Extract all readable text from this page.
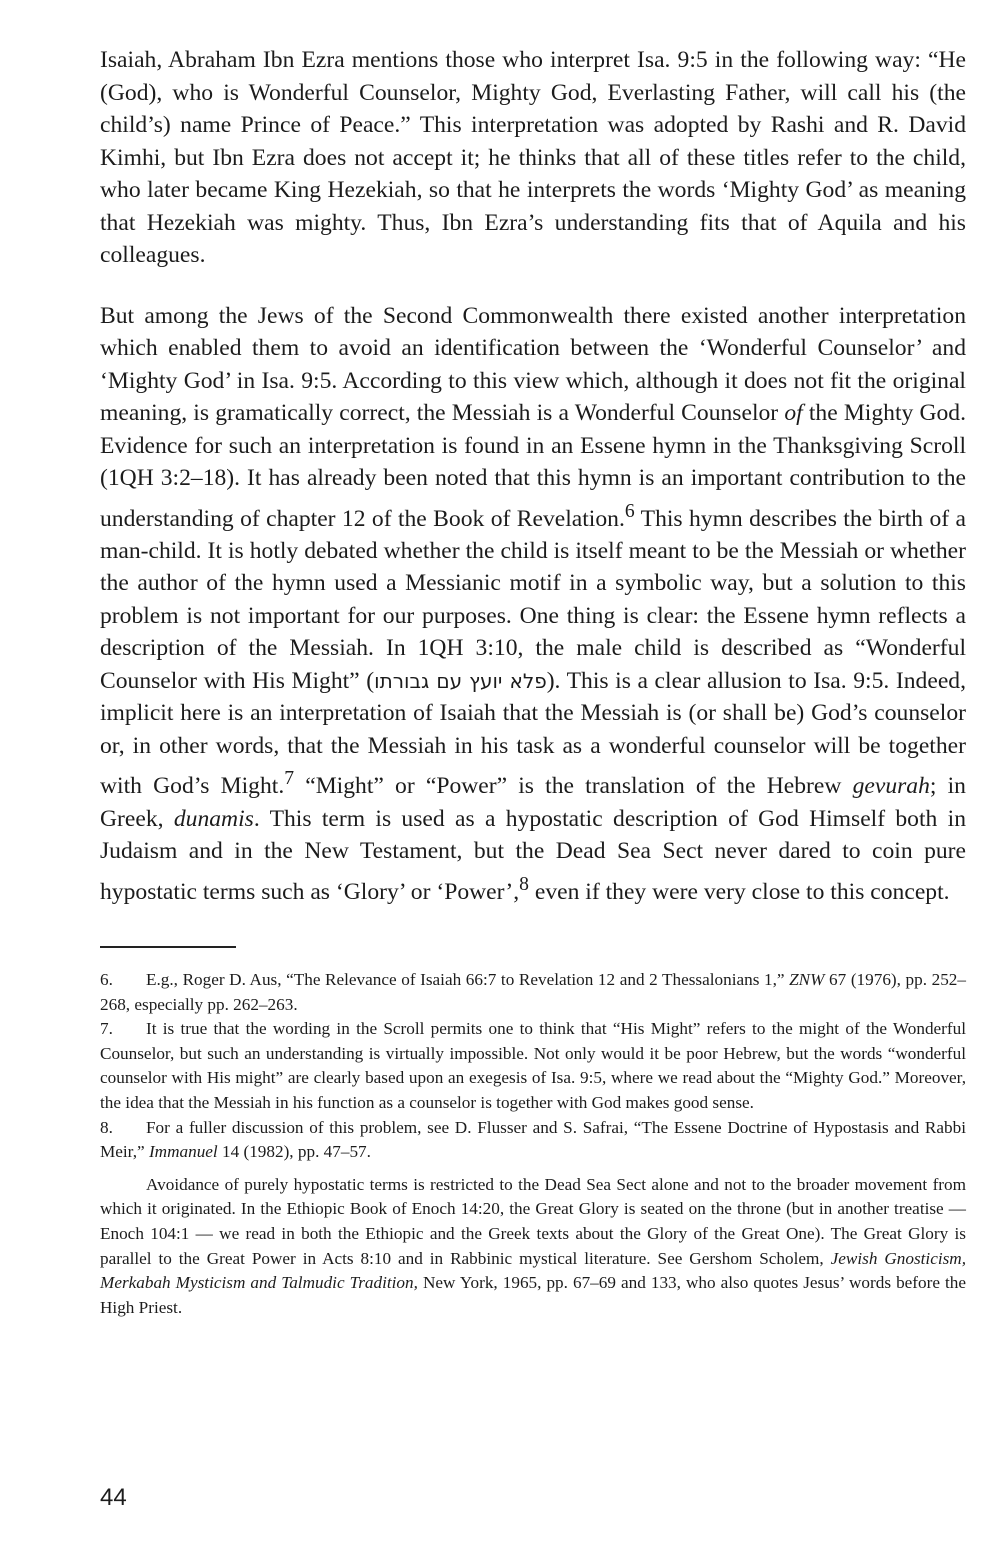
Isaiah, Abraham Ibn Ezra mentions those who interpret Isa. 9:5 in the following way: “He (God), who is Wonderful Counselor, Mighty God, Everlasting Father, will call his (the child’s) name Prince of Peace.” This interpretation was adopted by Rashi and R. David Kimhi, but Ibn Ezra does not accept it; he thinks that all of these titles refer to the child, who later became King Hezekiah, so that he interprets the words ‘Mighty God’ as meaning that Hezekiah was mighty. Thus, Ibn Ezra’s understanding fits that of Aquila and his colleagues.

But among the Jews of the Second Commonwealth there existed another interpretation which enabled them to avoid an identification between the ‘Wonderful Counselor’ and ‘Mighty God’ in Isa. 9:5. According to this view which, although it does not fit the original meaning, is gramatically correct, the Messiah is a Wonderful Counselor of the Mighty God. Evidence for such an interpretation is found in an Essene hymn in the Thanksgiving Scroll (1QH 3:2–18). It has already been noted that this hymn is an important contribution to the understanding of chapter 12 of the Book of Revelation.$^6$ This hymn describes the birth of a man-child. It is hotly debated whether the child is itself meant to be the Messiah or whether the author of the hymn used a Messianic motif in a symbolic way, but a solution to this problem is not important for our purposes. One thing is clear: the Essene hymn reflects a description of the Messiah. In 1QH 3:10, the male child is described as “Wonderful Counselor with His Might” (פלא יועץ עם גבורתו). This is a clear allusion to Isa. 9:5. Indeed, implicit here is an interpretation of Isaiah that the Messiah is (or shall be) God’s counselor or, in other words, that the Messiah in his task as a wonderful counselor will be together with God’s Might.$^7$ “Might” or “Power” is the translation of the Hebrew gevurah; in Greek, dunamis. This term is used as a hypostatic description of God Himself both in Judaism and in the New Testament, but the Dead Sea Sect never dared to coin pure hypostatic terms such as ‘Glory’ or ‘Power’,$^8$ even if they were very close to this concept.

6. E.g., Roger D. Aus, “The Relevance of Isaiah 66:7 to Revelation 12 and 2 Thessalonians 1,” ZNW 67 (1976), pp. 252–268, especially pp. 262–263.

7. It is true that the wording in the Scroll permits one to think that “His Might” refers to the might of the Wonderful Counselor, but such an understanding is virtually impossible. Not only would it be poor Hebrew, but the words “wonderful counselor with His might” are clearly based upon an exegesis of Isa. 9:5, where we read about the “Mighty God.” Moreover, the idea that the Messiah in his function as a counselor is together with God makes good sense.

8. For a fuller discussion of this problem, see D. Flusser and S. Safrai, “The Essene Doctrine of Hypostasis and Rabbi Meir,” Immanuel 14 (1982), pp. 47–57.

Avoidance of purely hypostatic terms is restricted to the Dead Sea Sect alone and not to the broader movement from which it originated. In the Ethiopic Book of Enoch 14:20, the Great Glory is seated on the throne (but in another treatise — Enoch 104:1 — we read in both the Ethiopic and the Greek texts about the Glory of the Great One). The Great Glory is parallel to the Great Power in Acts 8:10 and in Rabbinic mystical literature. See Gershom Scholem, Jewish Gnosticism, Merkabah Mysticism and Talmudic Tradition, New York, 1965, pp. 67–69 and 133, who also quotes Jesus’ words before the High Priest.

44
